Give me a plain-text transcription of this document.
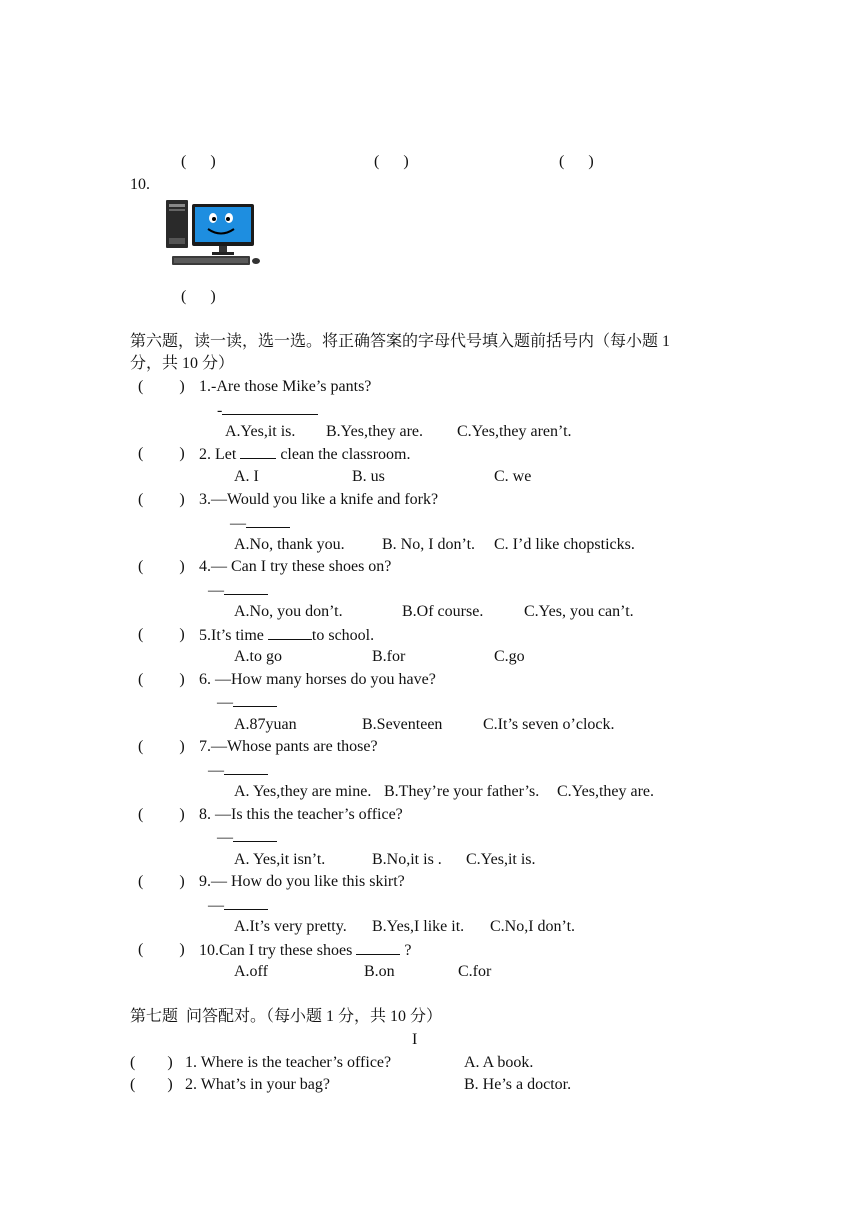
(      )	(      )	(      )
10.
(      )
第六题，读一读，选一选。将正确答案的字母代号填入题前括号内（每小题 1
分，共 10 分）
(         ) 1.-Are those Mike’s pants?
-
A.Yes,it is. B.Yes,they are. C.Yes,they aren’t.
(         ) 2. Let  clean the classroom.
A. I	B. us	C. we
(         ) 3.—Would you like a knife and fork?
—
A.No, thank you. B. No, I don’t. C. I’d like chopsticks.
(         ) 4.— Can I try these shoes on?
—
A.No, you don’t.	B.Of course.	C.Yes, you can’t.
(         ) 5.It’s time	to school.
A.to go	B.for	C.go
(         ) 6. —How many horses do you have?
—
A.87yuan	B.Seventeen	C.It’s seven o’clock.
(         ) 7.—Whose pants are those?
—
A. Yes,they are mine. B.They’re your father’s. C.Yes,they are.
(         ) 8. —Is this the teacher’s office?
—
A. Yes,it isn’t.	B.No,it is . C.Yes,it is.
(         ) 9.— How do you like this skirt?
—
A.It’s very pretty. B.Yes,I like it. C.No,I don’t.
(         ) 10.Can I try these shoes	?
A.off	B.on	C.for
第七题  问答配对。（每小题 1 分，共 10 分）
I
(        ) 1. Where is the teacher’s office?	A. A book.
(        ) 2. What’s in your bag?	B. He’s a doctor.
